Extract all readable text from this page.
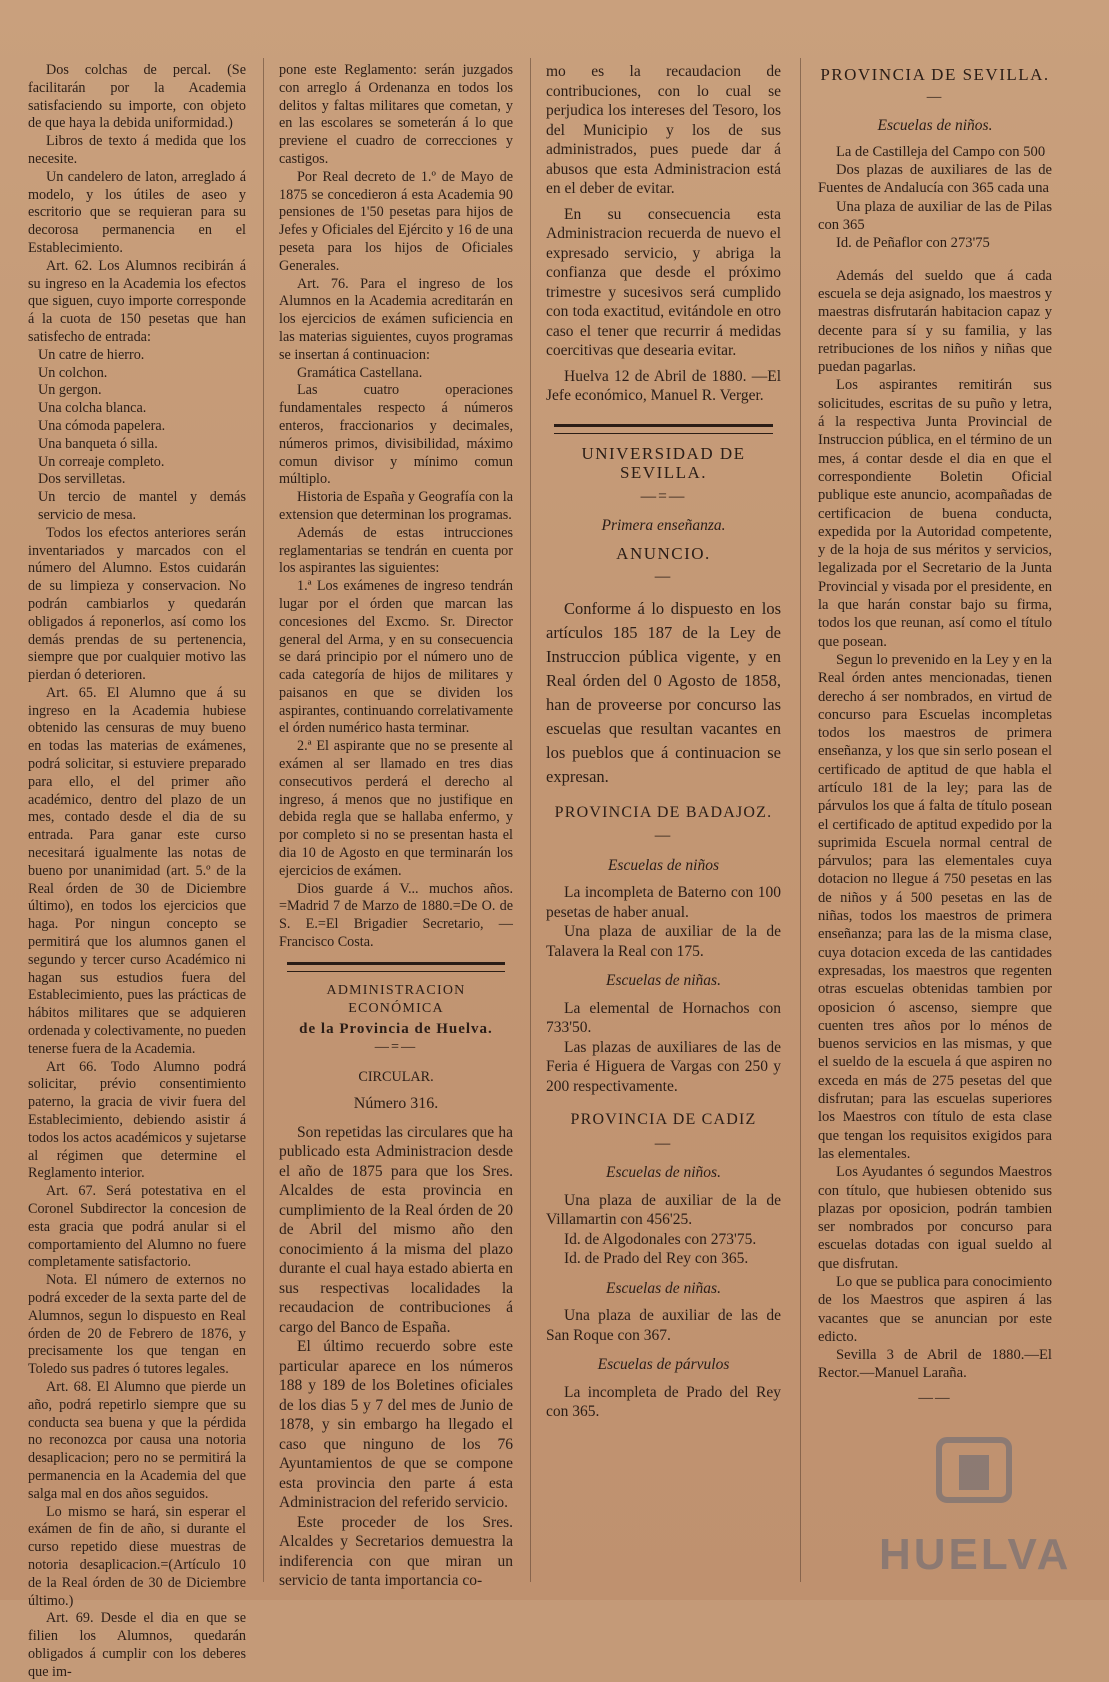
Dos colchas de percal. (Se facilitarán por la Academia satisfaciendo su importe, con objeto de que haya la debida uniformidad.)

Libros de texto á medida que los necesite.

Un candelero de laton, arreglado á modelo, y los útiles de aseo y escritorio que se requieran para su decorosa permanencia en el Establecimiento.

Art. 62. Los Alumnos recibirán á su ingreso en la Academia los efectos que siguen, cuyo importe corresponde á la cuota de 150 pesetas que han satisfecho de entrada:

Un catre de hierro.

Un colchon.

Un gergon.

Una colcha blanca.

Una cómoda papelera.

Una banqueta ó silla.

Un correaje completo.

Dos servilletas.

Un tercio de mantel y demás servicio de mesa.

Todos los efectos anteriores serán inventariados y marcados con el número del Alumno. Estos cuidarán de su limpieza y conservacion. No podrán cambiarlos y quedarán obligados á reponerlos, así como los demás prendas de su pertenencia, siempre que por cualquier motivo las pierdan ó deterioren.

Art. 65. El Alumno que á su ingreso en la Academia hubiese obtenido las censuras de muy bueno en todas las materias de exámenes, podrá solicitar, si estuviere preparado para ello, el del primer año académico, dentro del plazo de un mes, contado desde el dia de su entrada. Para ganar este curso necesitará igualmente las notas de bueno por unanimidad (art. 5.º de la Real órden de 30 de Diciembre último), en todos los ejercicios que haga. Por ningun concepto se permitirá que los alumnos ganen el segundo y tercer curso Académico ni hagan sus estudios fuera del Establecimiento, pues las prácticas de hábitos militares que se adquieren ordenada y colectivamente, no pueden tenerse fuera de la Academia.

Art 66. Todo Alumno podrá solicitar, prévio consentimiento paterno, la gracia de vivir fuera del Establecimiento, debiendo asistir á todos los actos académicos y sujetarse al régimen que determine el Reglamento interior.

Art. 67. Será potestativa en el Coronel Subdirector la concesion de esta gracia que podrá anular si el comportamiento del Alumno no fuere completamente satisfactorio.

Nota. El número de externos no podrá exceder de la sexta parte del de Alumnos, segun lo dispuesto en Real órden de 20 de Febrero de 1876, y precisamente los que tengan en Toledo sus padres ó tutores legales.

Art. 68. El Alumno que pierde un año, podrá repetirlo siempre que su conducta sea buena y que la pérdida no reconozca por causa una notoria desaplicacion; pero no se permitirá la permanencia en la Academia del que salga mal en dos años seguidos.

Lo mismo se hará, sin esperar el exámen de fin de año, si durante el curso repetido diese muestras de notoria desaplicacion.=(Artículo 10 de la Real órden de 30 de Diciembre último.)

Art. 69. Desde el dia en que se filien los Alumnos, quedarán obligados á cumplir con los deberes que im-

pone este Reglamento: serán juzgados con arreglo á Ordenanza en todos los delitos y faltas militares que cometan, y en las escolares se someterán á lo que previene el cuadro de correcciones y castigos.

Por Real decreto de 1.º de Mayo de 1875 se concedieron á esta Academia 90 pensiones de 1'50 pesetas para hijos de Jefes y Oficiales del Ejército y 16 de una peseta para los hijos de Oficiales Generales.

Art. 76. Para el ingreso de los Alumnos en la Academia acreditarán en los ejercicios de exámen suficiencia en las materias siguientes, cuyos programas se insertan á continuacion:

Gramática Castellana.

Las cuatro operaciones fundamentales respecto á números enteros, fraccionarios y decimales, números primos, divisibilidad, máximo comun divisor y mínimo comun múltiplo.

Historia de España y Geografía con la extension que determinan los programas.

Además de estas intrucciones reglamentarias se tendrán en cuenta por los aspirantes las siguientes:

1.ª Los exámenes de ingreso tendrán lugar por el órden que marcan las concesiones del Excmo. Sr. Director general del Arma, y en su consecuencia se dará principio por el número uno de cada categoría de hijos de militares y paisanos en que se dividen los aspirantes, continuando correlativamente el órden numérico hasta terminar.

2.ª El aspirante que no se presente al exámen al ser llamado en tres dias consecutivos perderá el derecho al ingreso, á menos que no justifique en debida regla que se hallaba enfermo, y por completo si no se presentan hasta el dia 10 de Agosto en que terminarán los ejercicios de exámen.

Dios guarde á V... muchos años. =Madrid 7 de Marzo de 1880.=De O. de S. E.=El Brigadier Secretario, — Francisco Costa.

ADMINISTRACION ECONÓMICA

de la Provincia de Huelva.

—=—

CIRCULAR.

Número 316.

Son repetidas las circulares que ha publicado esta Administracion desde el año de 1875 para que los Sres. Alcaldes de esta provincia en cumplimiento de la Real órden de 20 de Abril del mismo año den conocimiento á la misma del plazo durante el cual haya estado abierta en sus respectivas localidades la recaudacion de contribuciones á cargo del Banco de España.

El último recuerdo sobre este particular aparece en los números 188 y 189 de los Boletines oficiales de los dias 5 y 7 del mes de Junio de 1878, y sin embargo ha llegado el caso que ninguno de los 76 Ayuntamientos de que se compone esta provincia den parte á esta Administracion del referido servicio.

Este proceder de los Sres. Alcaldes y Secretarios demuestra la indiferencia con que miran un servicio de tanta importancia co-

mo es la recaudacion de contribuciones, con lo cual se perjudica los intereses del Tesoro, los del Municipio y los de sus administrados, pues puede dar á abusos que esta Administracion está en el deber de evitar.

En su consecuencia esta Administracion recuerda de nuevo el expresado servicio, y abriga la confianza que desde el próximo trimestre y sucesivos será cumplido con toda exactitud, evitándole en otro caso el tener que recurrir á medidas coercitivas que desearia evitar.

Huelva 12 de Abril de 1880. —El Jefe económico, Manuel R. Verger.

UNIVERSIDAD DE SEVILLA.

—=—

Primera enseñanza.

ANUNCIO.

—

Conforme á lo dispuesto en los artículos 185 187 de la Ley de Instruccion pública vigente, y en Real órden del 0 Agosto de 1858, han de proveerse por concurso las escuelas que resultan vacantes en los pueblos que á continuacion se expresan.

PROVINCIA DE BADAJOZ.

—

Escuelas de niños

La incompleta de Baterno con 100 pesetas de haber anual.

Una plaza de auxiliar de la de Talavera la Real con 175.

Escuelas de niñas.

La elemental de Hornachos con 733'50.

Las plazas de auxiliares de las de Feria é Higuera de Vargas con 250 y 200 respectivamente.

PROVINCIA DE CADIZ

—

Escuelas de niños.

Una plaza de auxiliar de la de Villamartin con 456'25.

Id. de Algodonales con 273'75.

Id. de Prado del Rey con 365.

Escuelas de niñas.

Una plaza de auxiliar de las de San Roque con 367.

Escuelas de párvulos

La incompleta de Prado del Rey con 365.

PROVINCIA DE SEVILLA.

—

Escuelas de niños.

La de Castilleja del Campo con 500

Dos plazas de auxiliares de las de Fuentes de Andalucía con 365 cada una

Una plaza de auxiliar de las de Pilas con 365

Id. de Peñaflor con 273'75

Además del sueldo que á cada escuela se deja asignado, los maestros y maestras disfrutarán habitacion capaz y decente para sí y su familia, y las retribuciones de los niños y niñas que puedan pagarlas.

Los aspirantes remitirán sus solicitudes, escritas de su puño y letra, á la respectiva Junta Provincial de Instruccion pública, en el término de un mes, á contar desde el dia en que el correspondiente Boletin Oficial publique este anuncio, acompañadas de certificacion de buena conducta, expedida por la Autoridad competente, y de la hoja de sus méritos y servicios, legalizada por el Secretario de la Junta Provincial y visada por el presidente, en la que harán constar bajo su firma, todos los que reunan, así como el título que posean.

Segun lo prevenido en la Ley y en la Real órden antes mencionadas, tienen derecho á ser nombrados, en virtud de concurso para Escuelas incompletas todos los maestros de primera enseñanza, y los que sin serlo posean el certificado de aptitud de que habla el artículo 181 de la ley; para las de párvulos los que á falta de título posean el certificado de aptitud expedido por la suprimida Escuela normal central de párvulos; para las elementales cuya dotacion no llegue á 750 pesetas en las de niños y á 500 pesetas en las de niñas, todos los maestros de primera enseñanza; para las de la misma clase, cuya dotacion exceda de las cantidades expresadas, los maestros que regenten otras escuelas obtenidas tambien por oposicion ó ascenso, siempre que cuenten tres años por lo ménos de buenos servicios en las mismas, y que el sueldo de la escuela á que aspiren no exceda en más de 275 pesetas del que disfrutan; para las escuelas superiores los Maestros con título de esta clase que tengan los requisitos exigidos para las elementales.

Los Ayudantes ó segundos Maestros con título, que hubiesen obtenido sus plazas por oposicion, podrán tambien ser nombrados por concurso para escuelas dotadas con igual sueldo al que disfrutan.

Lo que se publica para conocimiento de los Maestros que aspiren á las vacantes que se anuncian por este edicto.

Sevilla 3 de Abril de 1880.—El Rector.—Manuel Laraña.

——

HUELVA
